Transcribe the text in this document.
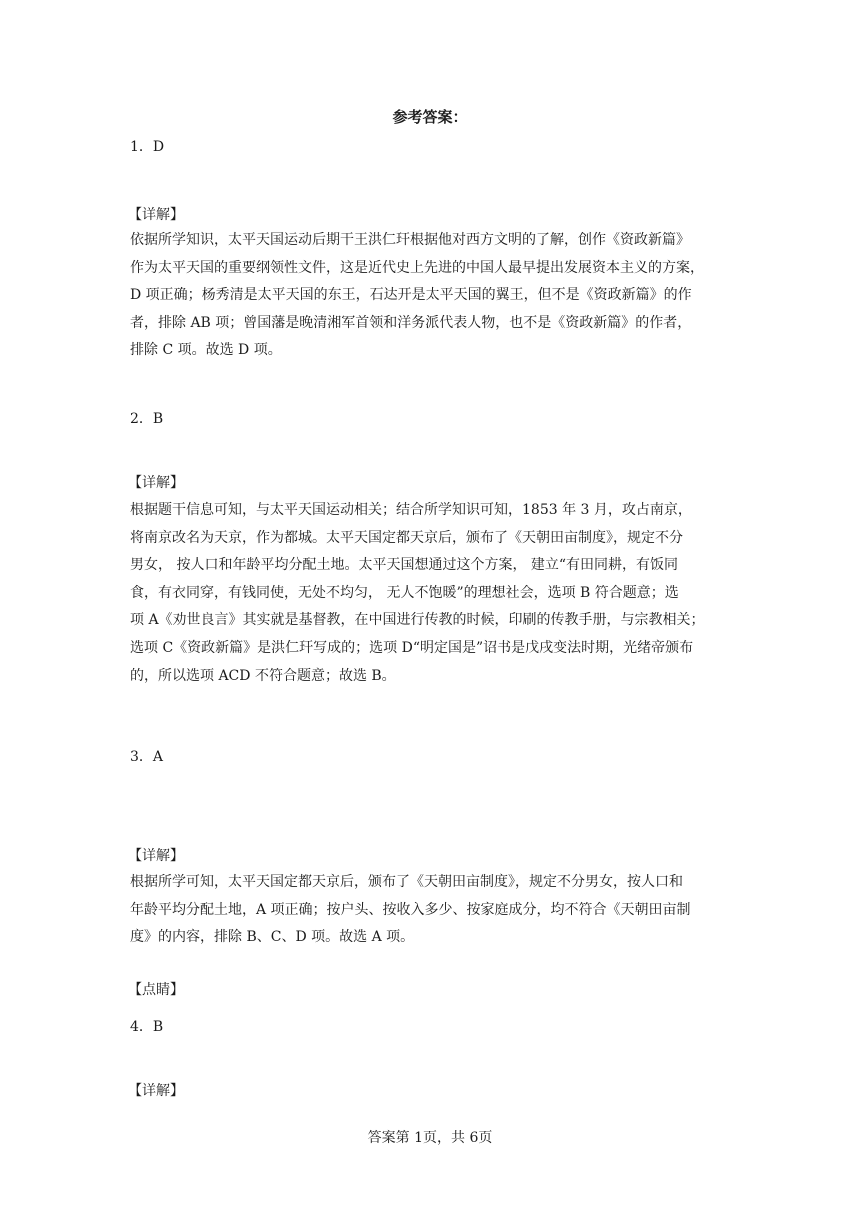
参考答案：
1．D
【详解】
依据所学知识，太平天国运动后期干王洪仁玕根据他对西方文明的了解，创作《资政新篇》
作为太平天国的重要纲领性文件，这是近代史上先进的中国人最早提出发展资本主义的方案，
D 项正确；杨秀清是太平天国的东王，石达开是太平天国的翼王，但不是《资政新篇》的作
者，排除 AB 项；曾国藩是晚清湘军首领和洋务派代表人物，也不是《资政新篇》的作者，
排除 C 项。故选 D 项。
2．B
【详解】
根据题干信息可知，与太平天国运动相关；结合所学知识可知，1853 年 3 月，攻占南京，
将南京改名为天京，作为都城。太平天国定都天京后，颁布了《天朝田亩制度》，规定不分
男女， 按人口和年龄平均分配土地。太平天国想通过这个方案， 建立“有田同耕，有饭同
食，有衣同穿，有钱同使，无处不均匀， 无人不饱暖”的理想社会，选项 B 符合题意；选
项 A《劝世良言》其实就是基督教，在中国进行传教的时候，印刷的传教手册，与宗教相关；
选项 C《资政新篇》是洪仁玕写成的；选项 D“明定国是”诏书是戊戌变法时期，光绪帝颁布
的，所以选项 ACD 不符合题意；故选 B。
3．A
【详解】
根据所学可知，太平天国定都天京后，颁布了《天朝田亩制度》，规定不分男女，按人口和
年龄平均分配土地，A 项正确；按户头、按收入多少、按家庭成分，均不符合《天朝田亩制
度》的内容，排除 B、C、D 项。故选 A 项。
【点睛】
4．B
【详解】
答案第 1页，共 6页
